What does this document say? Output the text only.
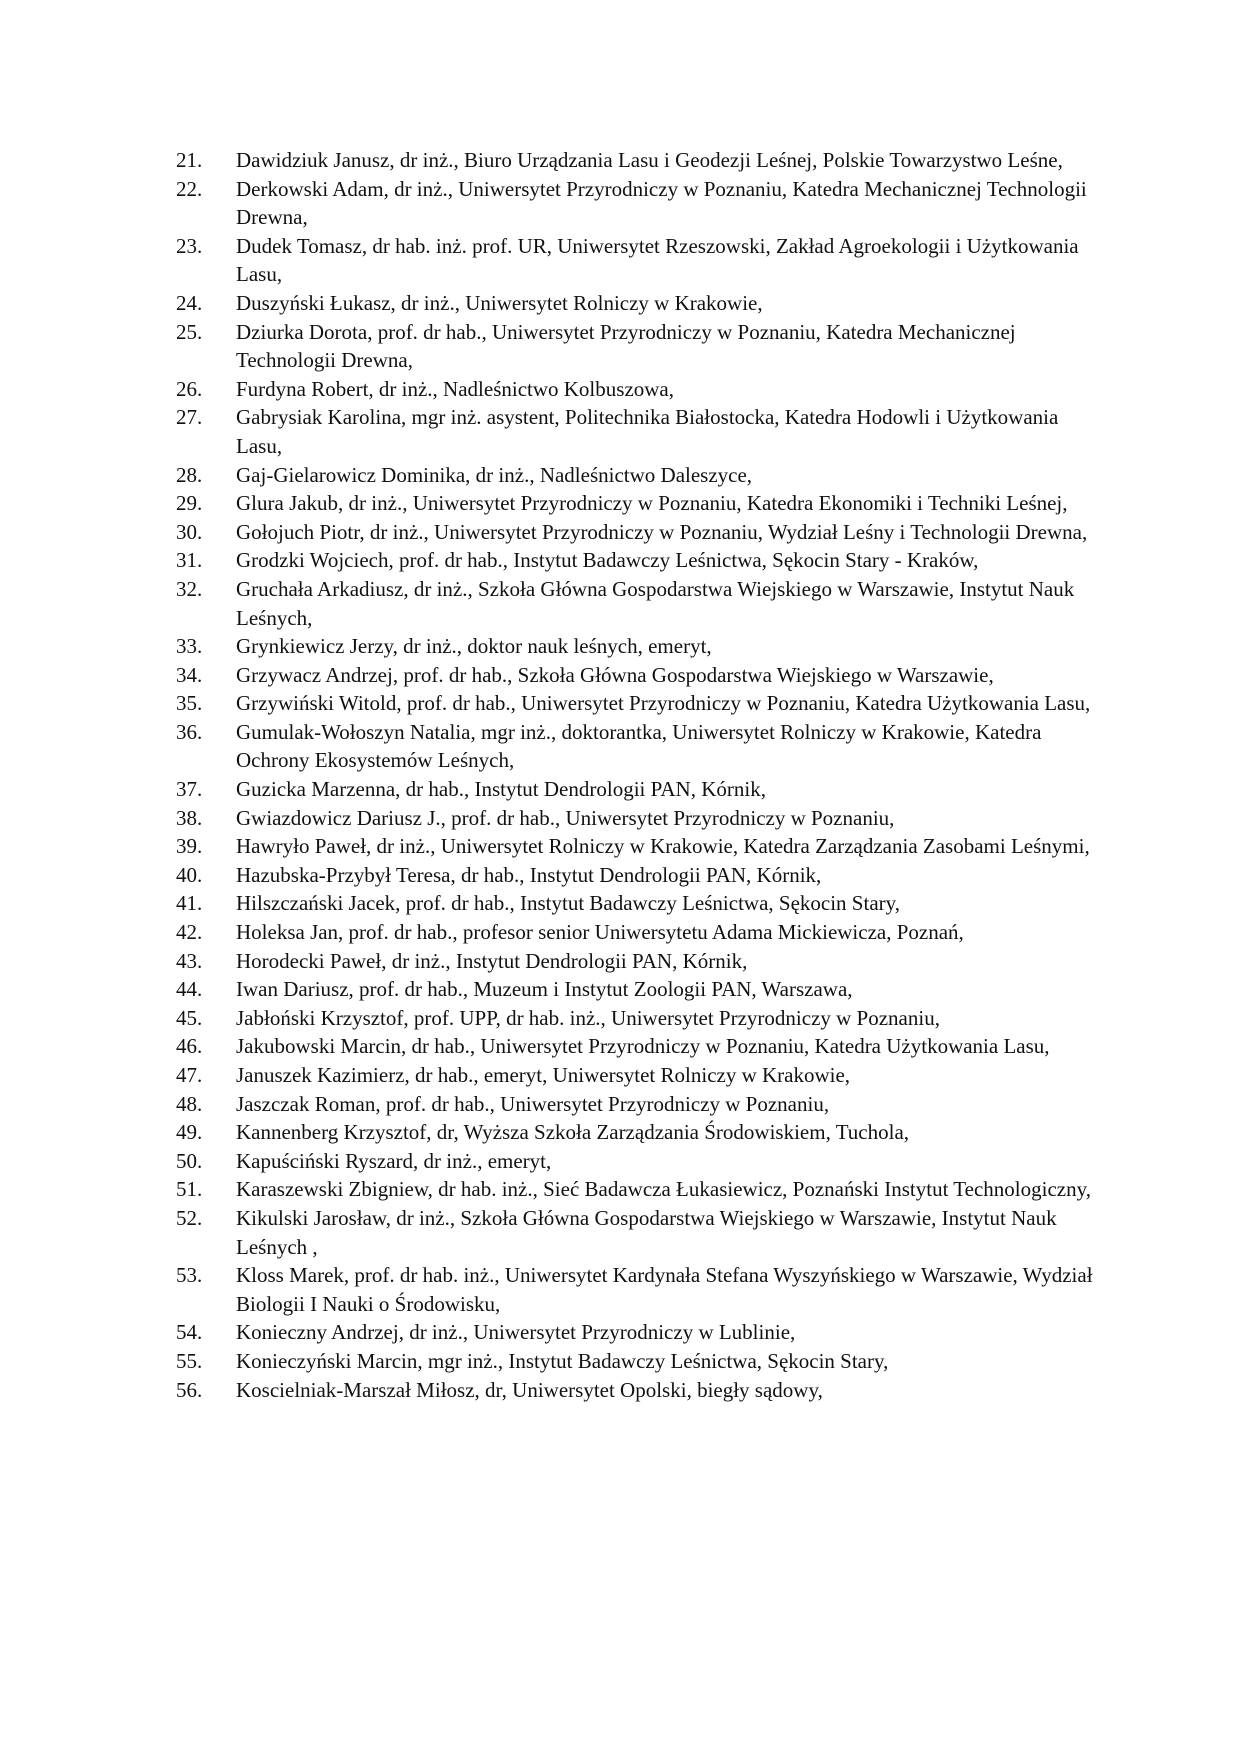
21.	Dawidziuk Janusz, dr inż., Biuro Urządzania Lasu i Geodezji Leśnej, Polskie Towarzystwo Leśne,
22.	Derkowski Adam, dr inż., Uniwersytet Przyrodniczy w Poznaniu, Katedra Mechanicznej Technologii Drewna,
23.	Dudek Tomasz, dr hab. inż. prof. UR, Uniwersytet Rzeszowski, Zakład Agroekologii i Użytkowania Lasu,
24.	Duszyński Łukasz, dr inż., Uniwersytet Rolniczy w Krakowie,
25.	Dziurka Dorota, prof. dr hab., Uniwersytet Przyrodniczy w Poznaniu, Katedra Mechanicznej Technologii Drewna,
26.	Furdyna Robert, dr inż., Nadleśnictwo Kolbuszowa,
27.	Gabrysiak Karolina, mgr inż. asystent, Politechnika Białostocka, Katedra Hodowli i Użytkowania Lasu,
28.	Gaj-Gielarowicz Dominika, dr inż., Nadleśnictwo Daleszyce,
29.	Glura Jakub, dr inż., Uniwersytet Przyrodniczy w Poznaniu, Katedra Ekonomiki i Techniki Leśnej,
30.	Gołojuch Piotr, dr inż., Uniwersytet Przyrodniczy w Poznaniu, Wydział Leśny i Technologii Drewna,
31.	Grodzki Wojciech, prof. dr hab., Instytut Badawczy Leśnictwa, Sękocin Stary - Kraków,
32.	Gruchała Arkadiusz, dr inż., Szkoła Główna Gospodarstwa Wiejskiego w Warszawie, Instytut Nauk Leśnych,
33.	Grynkiewicz Jerzy, dr inż., doktor nauk leśnych, emeryt,
34.	Grzywacz Andrzej, prof. dr hab., Szkoła Główna Gospodarstwa Wiejskiego w Warszawie,
35.	Grzywiński Witold, prof. dr hab., Uniwersytet Przyrodniczy w Poznaniu, Katedra Użytkowania Lasu,
36.	Gumulak-Wołoszyn Natalia, mgr inż., doktorantka, Uniwersytet Rolniczy w Krakowie, Katedra Ochrony Ekosystemów Leśnych,
37.	Guzicka Marzenna, dr hab., Instytut Dendrologii PAN, Kórnik,
38.	Gwiazdowicz Dariusz J., prof. dr hab., Uniwersytet Przyrodniczy w Poznaniu,
39.	Hawryło Paweł, dr inż., Uniwersytet Rolniczy w Krakowie, Katedra Zarządzania Zasobami Leśnymi,
40.	Hazubska-Przybył Teresa, dr hab., Instytut Dendrologii PAN, Kórnik,
41.	Hilszczański Jacek, prof. dr hab., Instytut Badawczy Leśnictwa, Sękocin Stary,
42.	Holeksa Jan, prof. dr hab., profesor senior Uniwersytetu Adama Mickiewicza, Poznań,
43.	Horodecki Paweł, dr inż., Instytut Dendrologii PAN, Kórnik,
44.	Iwan Dariusz, prof. dr hab., Muzeum i Instytut Zoologii PAN, Warszawa,
45.	Jabłoński Krzysztof, prof. UPP, dr hab. inż., Uniwersytet Przyrodniczy w Poznaniu,
46.	Jakubowski Marcin, dr hab., Uniwersytet Przyrodniczy w Poznaniu, Katedra Użytkowania Lasu,
47.	Januszek Kazimierz, dr hab., emeryt, Uniwersytet Rolniczy w Krakowie,
48.	Jaszczak Roman, prof. dr hab., Uniwersytet Przyrodniczy w Poznaniu,
49.	Kannenberg Krzysztof, dr, Wyższa Szkoła Zarządzania Środowiskiem, Tuchola,
50.	Kapuściński Ryszard, dr inż., emeryt,
51.	Karaszewski Zbigniew, dr hab. inż., Sieć Badawcza Łukasiewicz, Poznański Instytut Technologiczny,
52.	Kikulski Jarosław, dr inż., Szkoła Główna Gospodarstwa Wiejskiego w Warszawie, Instytut Nauk Leśnych ,
53.	Kloss Marek, prof. dr hab. inż., Uniwersytet Kardynała Stefana Wyszyńskiego w Warszawie, Wydział Biologii I Nauki o Środowisku,
54.	Konieczny Andrzej, dr inż., Uniwersytet Przyrodniczy w Lublinie,
55.	Konieczyński Marcin, mgr inż., Instytut Badawczy Leśnictwa, Sękocin Stary,
56.	Koscielniak-Marszał Miłosz, dr, Uniwersytet Opolski, biegły sądowy,
